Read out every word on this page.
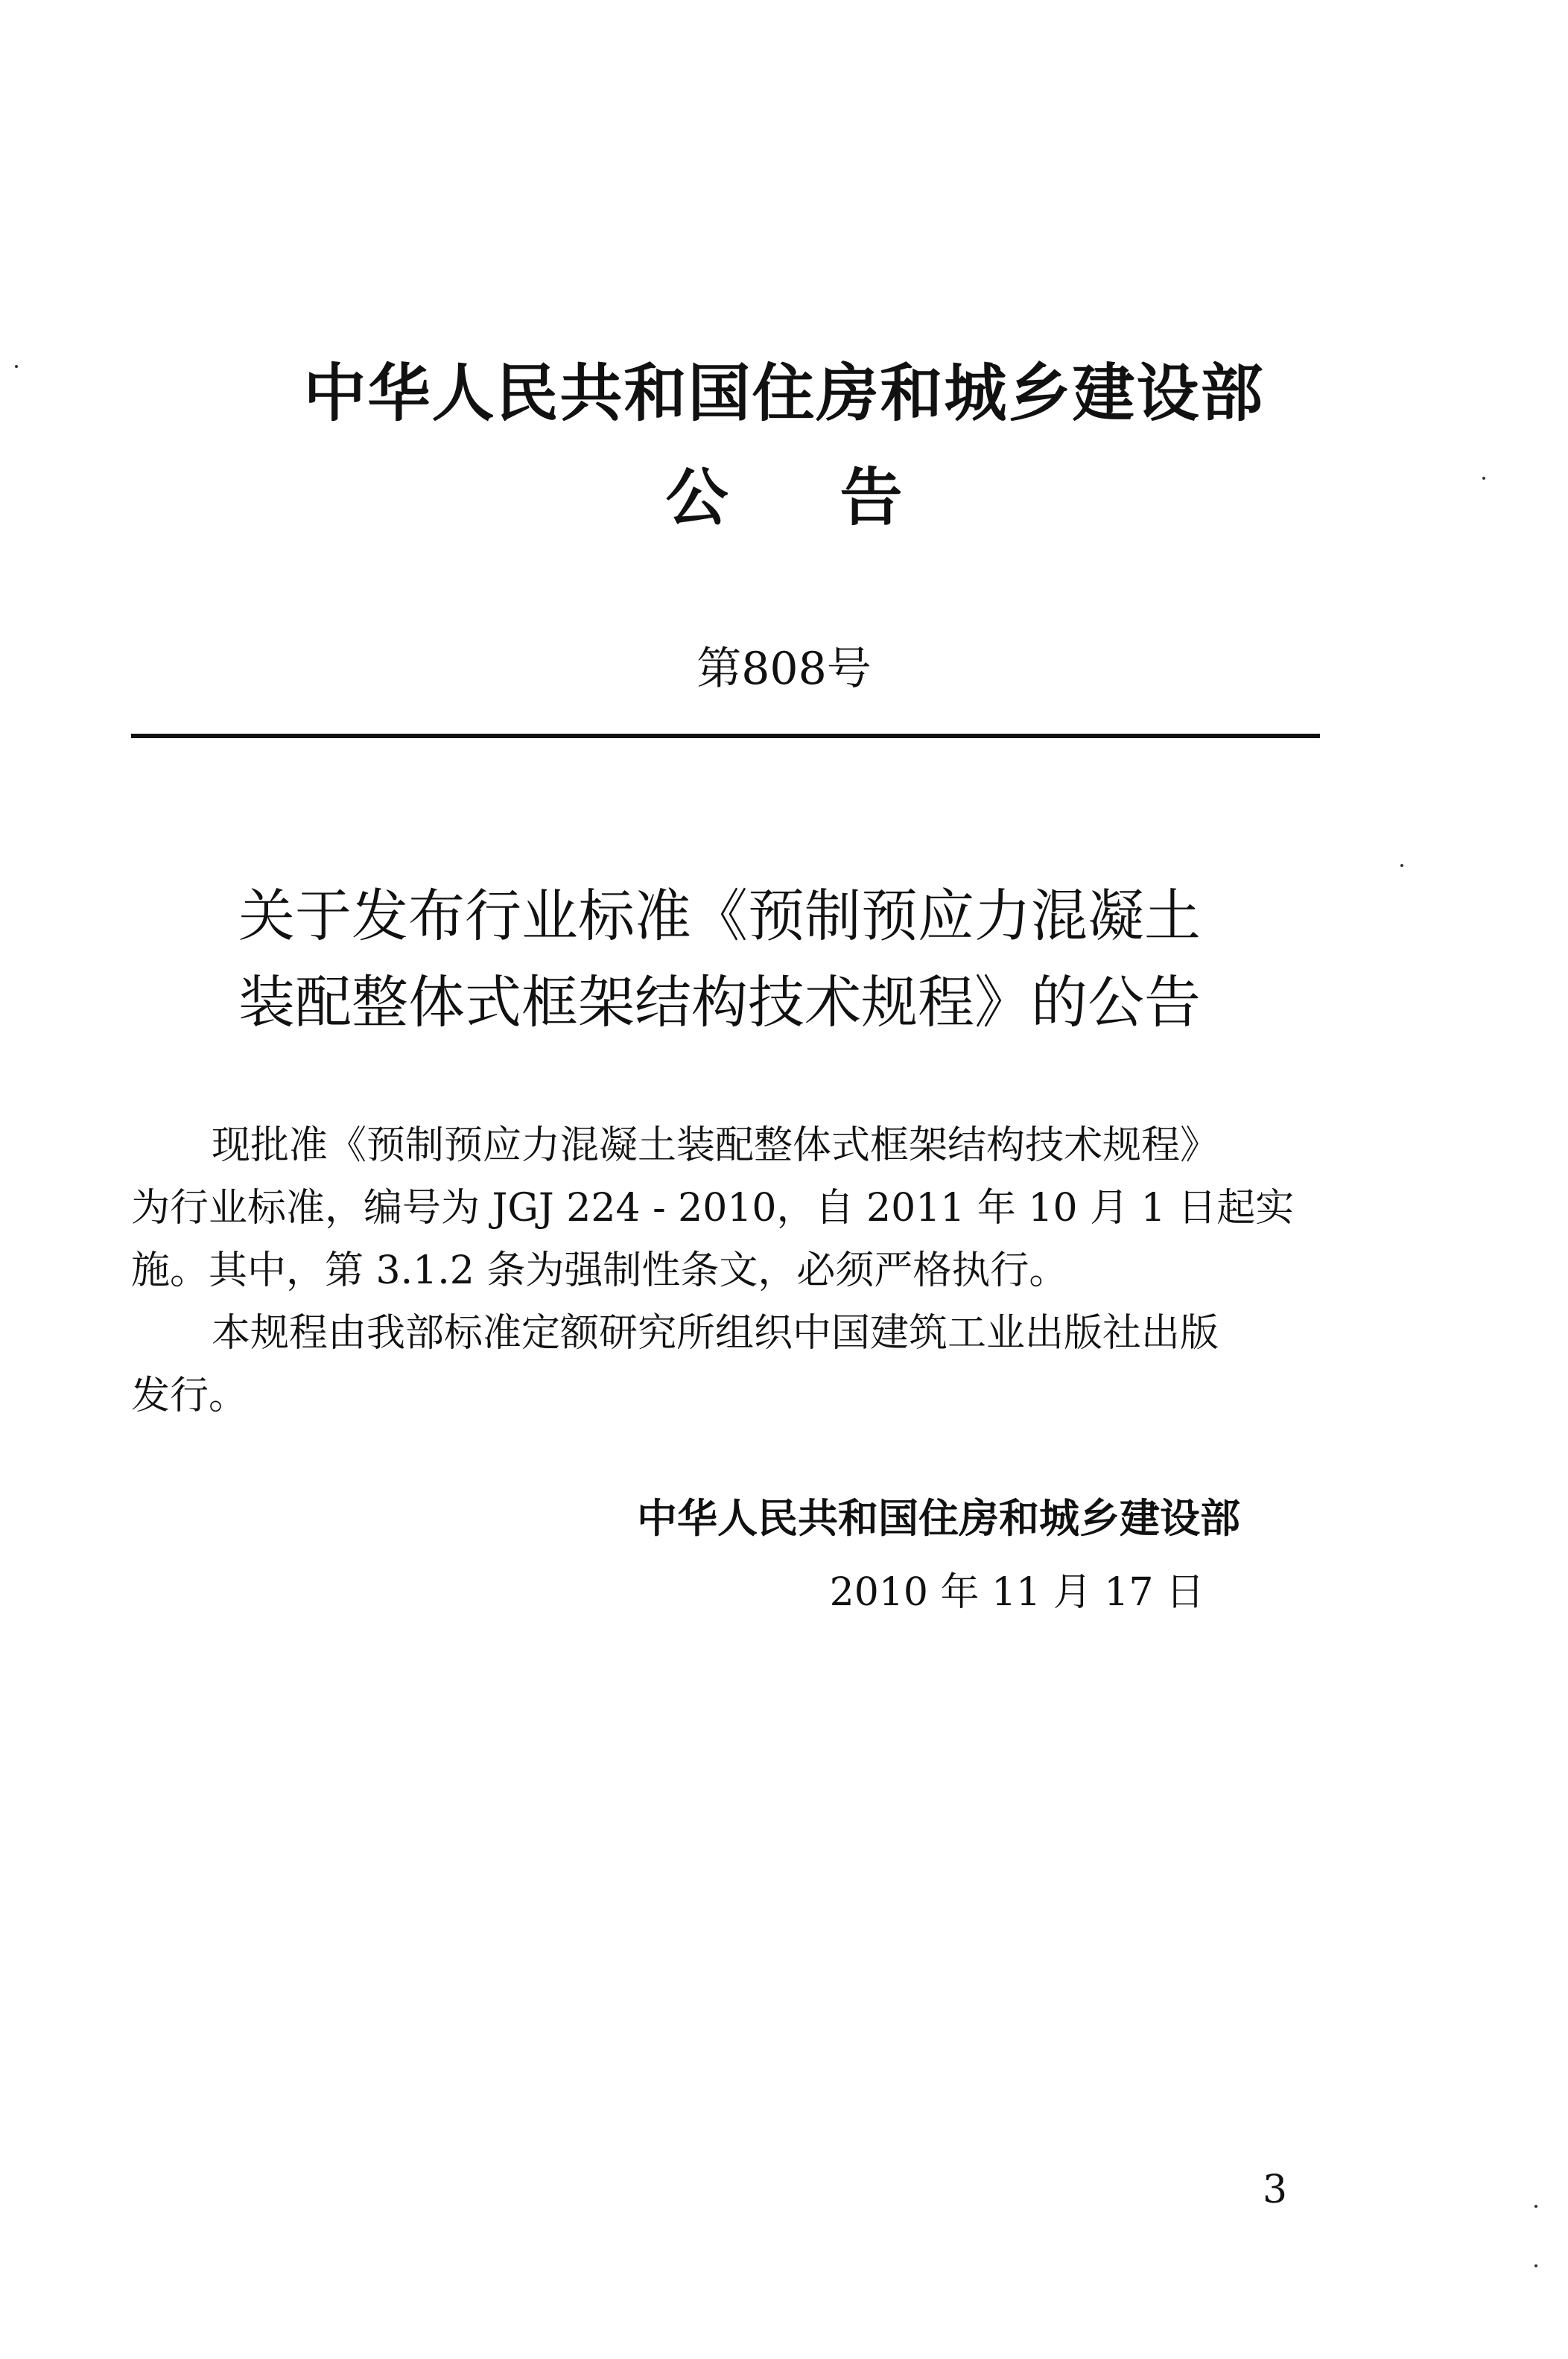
中华人民共和国住房和城乡建设部
公 告
第808号
关于发布行业标准《预制预应力混凝土
装配整体式框架结构技术规程》的公告
现批准《预制预应力混凝土装配整体式框架结构技术规程》
为行业标准，编号为 JGJ 224 - 2010，自 2011 年 10 月 1 日起实
施。其中，第 3.1.2 条为强制性条文，必须严格执行。
本规程由我部标准定额研究所组织中国建筑工业出版社出版
发行。
中华人民共和国住房和城乡建设部
2010 年 11 月 17 日
3
